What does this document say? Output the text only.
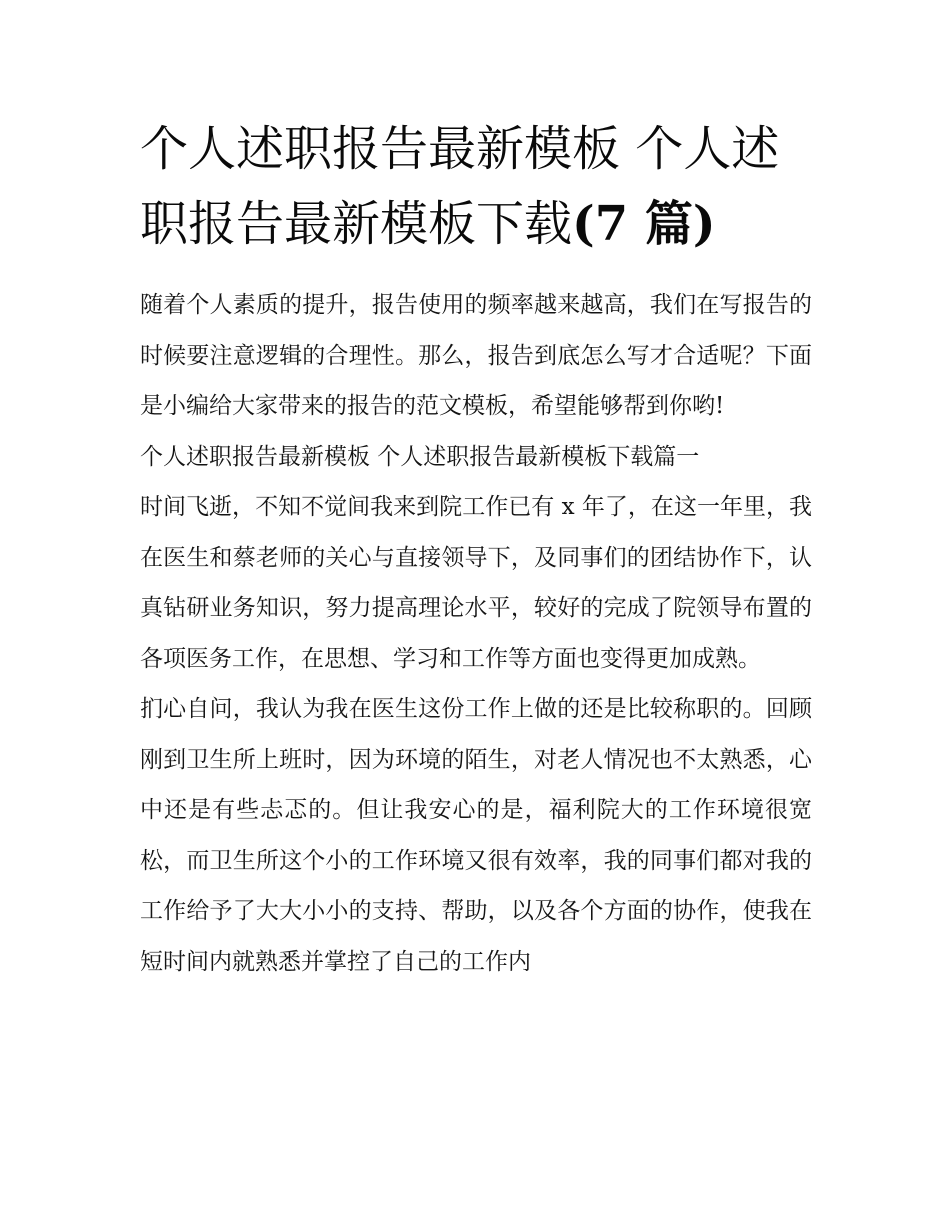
个人述职报告最新模板 个人述职报告最新模板下载(7 篇)

随着个人素质的提升，报告使用的频率越来越高，我们在写报告的时候要注意逻辑的合理性。那么，报告到底怎么写才合适呢？下面是小编给大家带来的报告的范文模板，希望能够帮到你哟!

个人述职报告最新模板 个人述职报告最新模板下载篇一

时间飞逝，不知不觉间我来到院工作已有 x 年了，在这一年里，我在医生和蔡老师的关心与直接领导下，及同事们的团结协作下，认真钻研业务知识，努力提高理论水平，较好的完成了院领导布置的各项医务工作，在思想、学习和工作等方面也变得更加成熟。

扪心自问，我认为我在医生这份工作上做的还是比较称职的。回顾刚到卫生所上班时，因为环境的陌生，对老人情况也不太熟悉，心中还是有些忐忑的。但让我安心的是，福利院大的工作环境很宽松，而卫生所这个小的工作环境又很有效率，我的同事们都对我的工作给予了大大小小的支持、帮助，以及各个方面的协作，使我在短时间内就熟悉并掌控了自己的工作内
